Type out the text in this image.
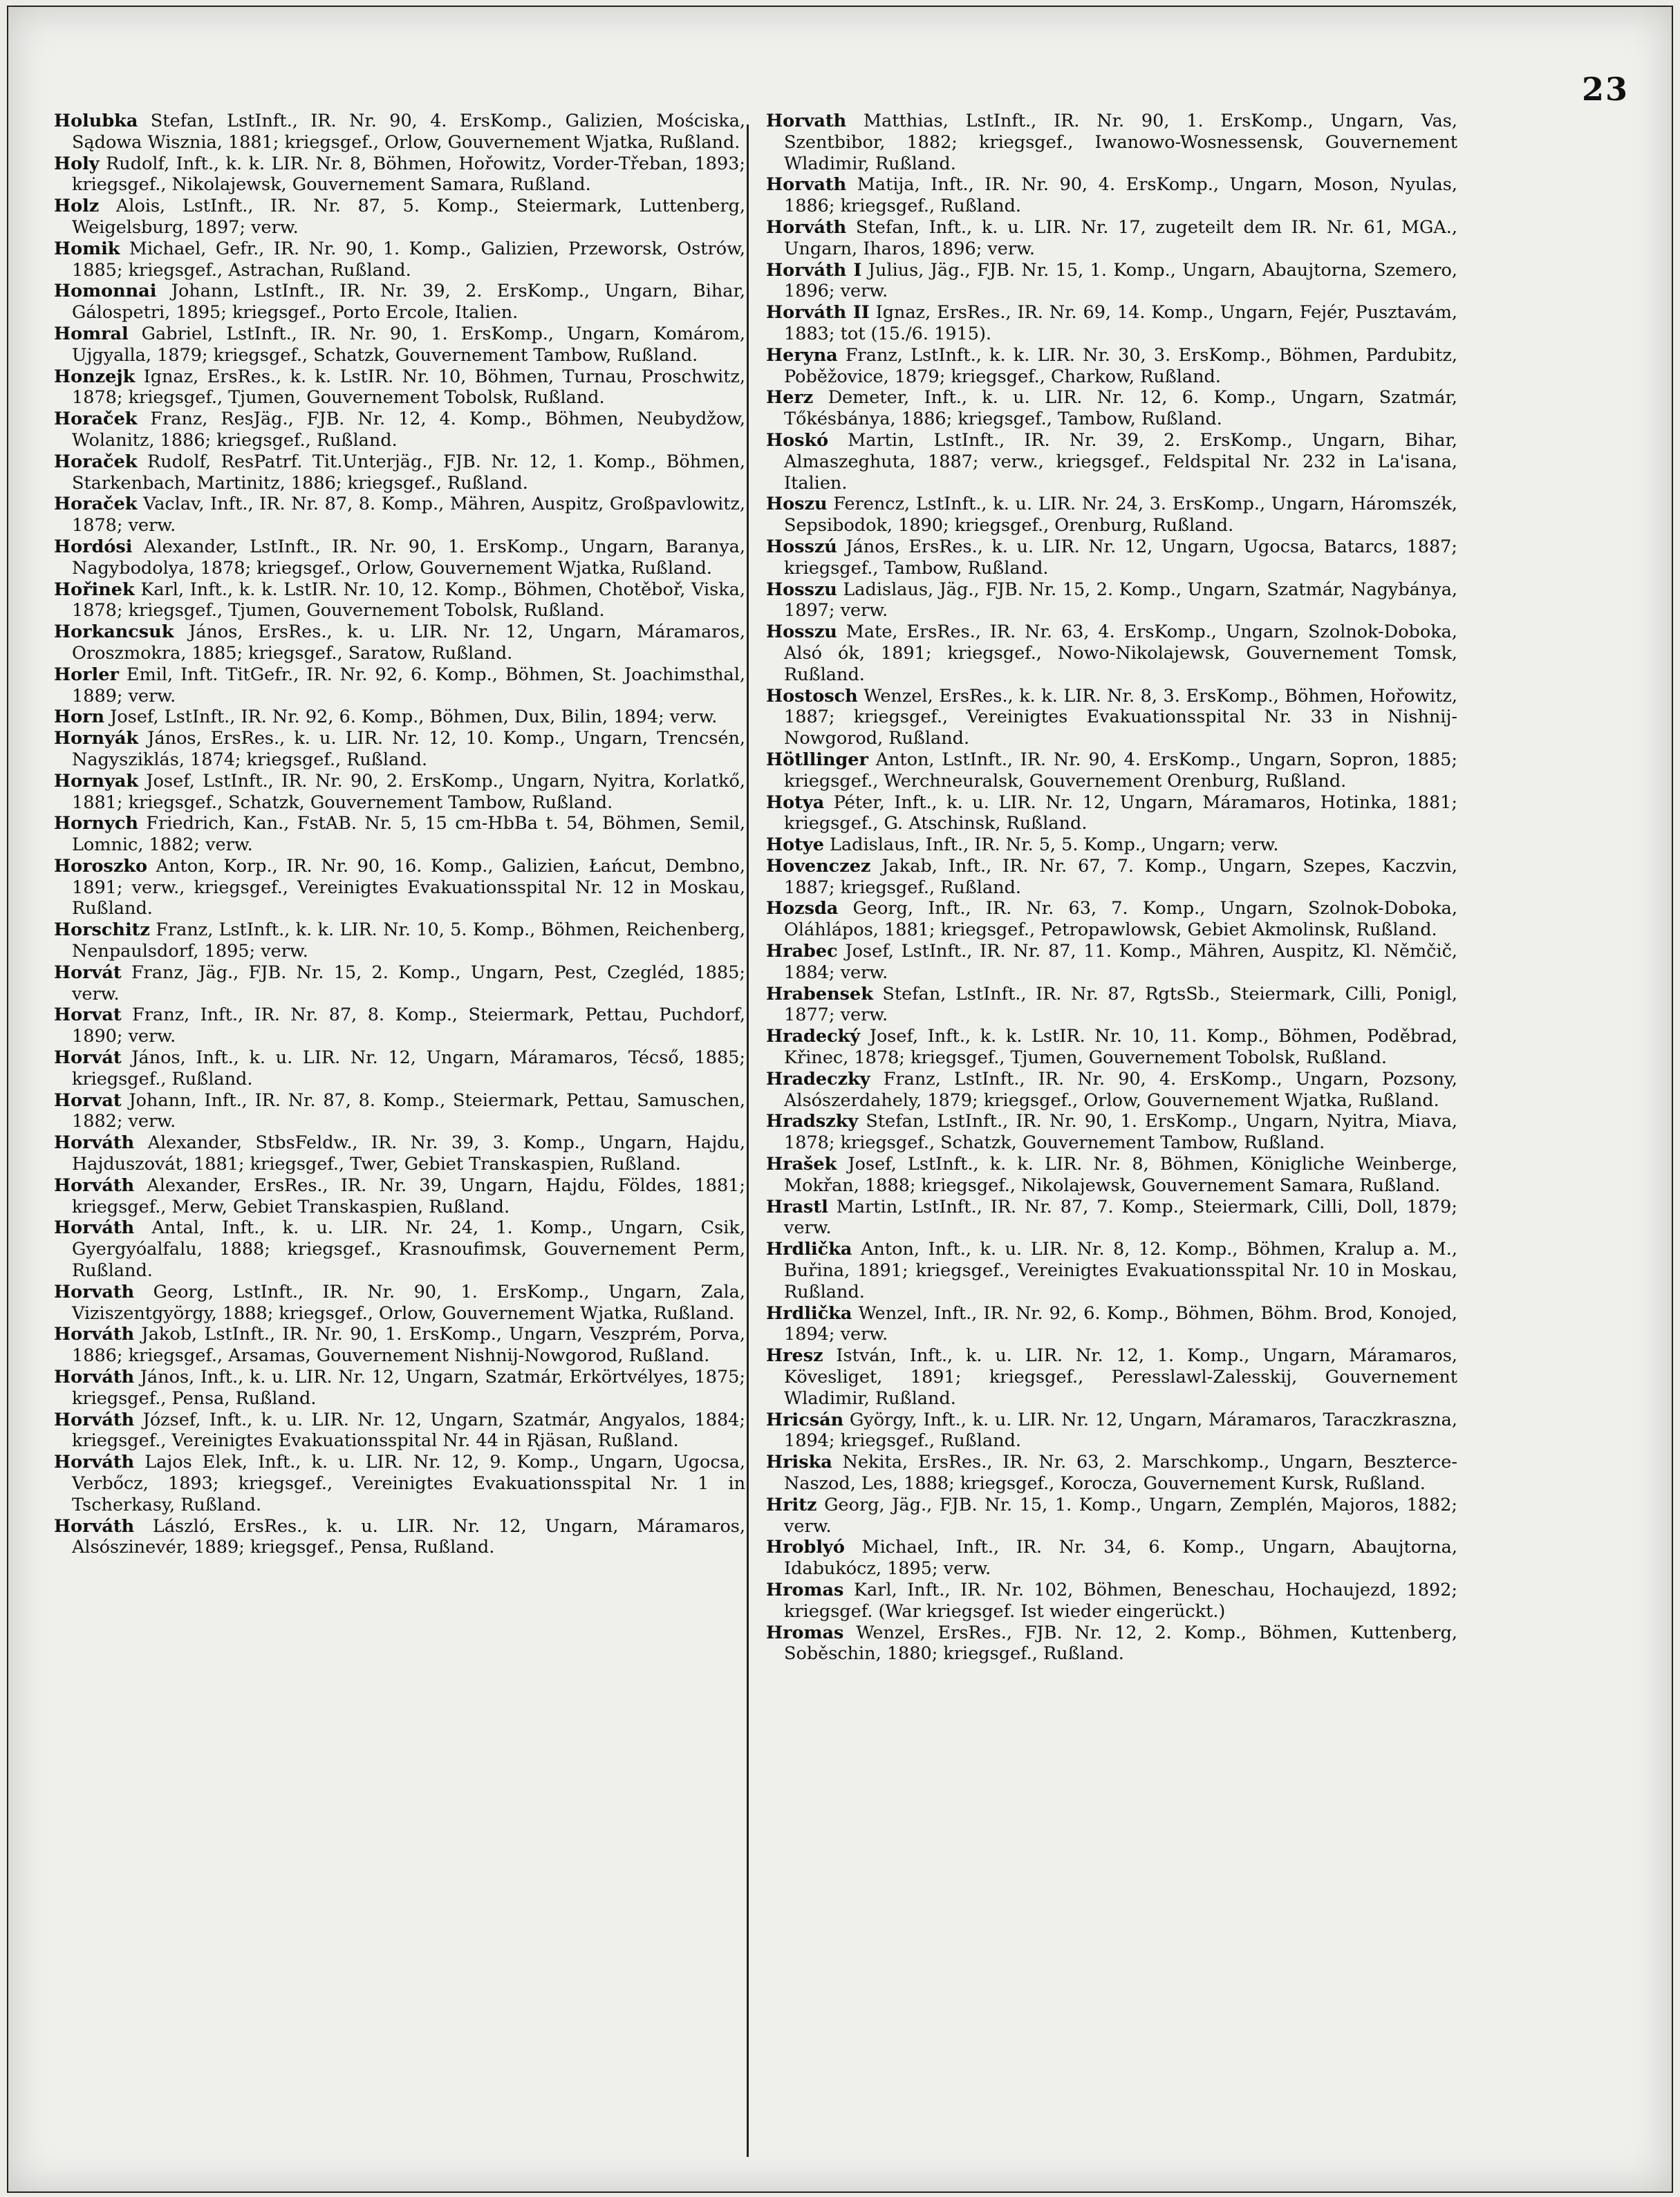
23
Holubka Stefan, LstInft., IR. Nr. 90, 4. ErsKomp., Galizien, Mościska, Sądowa Wisznia, 1881; kriegsgef., Orlow, Gouvernement Wjatka, Rußland.
Holy Rudolf, Inft., k. k. LIR. Nr. 8, Böhmen, Hořowitz, Vorder-Třeban, 1893; kriegsgef., Nikolajewsk, Gouvernement Samara, Rußland.
Holz Alois, LstInft., IR. Nr. 87, 5. Komp., Steiermark, Luttenberg, Weigelsburg, 1897; verw.
Homik Michael, Gefr., IR. Nr. 90, 1. Komp., Galizien, Przeworsk, Ostrów, 1885; kriegsgef., Astrachan, Rußland.
Homonnai Johann, LstInft., IR. Nr. 39, 2. ErsKomp., Ungarn, Bihar, Gálospetri, 1895; kriegsgef., Porto Ercole, Italien.
Homral Gabriel, LstInft., IR. Nr. 90, 1. ErsKomp., Ungarn, Komárom, Ujgyalla, 1879; kriegsgef., Schatzk, Gouvernement Tambow, Rußland.
Honzejk Ignaz, ErsRes., k. k. LstIR. Nr. 10, Böhmen, Turnau, Proschwitz, 1878; kriegsgef., Tjumen, Gouvernement Tobolsk, Rußland.
Horaček Franz, ResJäg., FJB. Nr. 12, 4. Komp., Böhmen, Neubydžow, Wolanitz, 1886; kriegsgef., Rußland.
Horaček Rudolf, ResPatrf. Tit.Unterjäg., FJB. Nr. 12, 1. Komp., Böhmen, Starkenbach, Martinitz, 1886; kriegsgef., Rußland.
Horaček Vaclav, Inft., IR. Nr. 87, 8. Komp., Mähren, Auspitz, Großpavlowitz, 1878; verw.
Hordósi Alexander, LstInft., IR. Nr. 90, 1. ErsKomp., Ungarn, Baranya, Nagybodolya, 1878; kriegsgef., Orlow, Gouvernement Wjatka, Rußland.
Hořinek Karl, Inft., k. k. LstIR. Nr. 10, 12. Komp., Böhmen, Chotěboř, Viska, 1878; kriegsgef., Tjumen, Gouvernement Tobolsk, Rußland.
Horkancsuk János, ErsRes., k. u. LIR. Nr. 12, Ungarn, Máramaros, Oroszmokra, 1885; kriegsgef., Saratow, Rußland.
Horler Emil, Inft. TitGefr., IR. Nr. 92, 6. Komp., Böhmen, St. Joachimsthal, 1889; verw.
Horn Josef, LstInft., IR. Nr. 92, 6. Komp., Böhmen, Dux, Bilin, 1894; verw.
Hornyák János, ErsRes., k. u. LIR. Nr. 12, 10. Komp., Ungarn, Trencsén, Nagysziklás, 1874; kriegsgef., Rußland.
Hornyak Josef, LstInft., IR. Nr. 90, 2. ErsKomp., Ungarn, Nyitra, Korlatkő, 1881; kriegsgef., Schatzk, Gouvernement Tambow, Rußland.
Hornych Friedrich, Kan., FstAB. Nr. 5, 15 cm-HbBa t. 54, Böhmen, Semil, Lomnic, 1882; verw.
Horoszko Anton, Korp., IR. Nr. 90, 16. Komp., Galizien, Łańcut, Dembno, 1891; verw., kriegsgef., Vereinigtes Evakuationsspital Nr. 12 in Moskau, Rußland.
Horschitz Franz, LstInft., k. k. LIR. Nr. 10, 5. Komp., Böhmen, Reichenberg, Nenpaulsdorf, 1895; verw.
Horvát Franz, Jäg., FJB. Nr. 15, 2. Komp., Ungarn, Pest, Czegléd, 1885; verw.
Horvat Franz, Inft., IR. Nr. 87, 8. Komp., Steiermark, Pettau, Puchdorf, 1890; verw.
Horvát János, Inft., k. u. LIR. Nr. 12, Ungarn, Máramaros, Técső, 1885; kriegsgef., Rußland.
Horvat Johann, Inft., IR. Nr. 87, 8. Komp., Steiermark, Pettau, Samuschen, 1882; verw.
Horváth Alexander, StbsFeldw., IR. Nr. 39, 3. Komp., Ungarn, Hajdu, Hajduszovát, 1881; kriegsgef., Twer, Gebiet Transkaspien, Rußland.
Horváth Alexander, ErsRes., IR. Nr. 39, Ungarn, Hajdu, Földes, 1881; kriegsgef., Merw, Gebiet Transkaspien, Rußland.
Horváth Antal, Inft., k. u. LIR. Nr. 24, 1. Komp., Ungarn, Csik, Gyergyóalfalu, 1888; kriegsgef., Krasnoufimsk, Gouvernement Perm, Rußland.
Horvath Georg, LstInft., IR. Nr. 90, 1. ErsKomp., Ungarn, Zala, Viziszentgyörgy, 1888; kriegsgef., Orlow, Gouvernement Wjatka, Rußland.
Horváth Jakob, LstInft., IR. Nr. 90, 1. ErsKomp., Ungarn, Veszprém, Porva, 1886; kriegsgef., Arsamas, Gouvernement Nishnij-Nowgorod, Rußland.
Horváth János, Inft., k. u. LIR. Nr. 12, Ungarn, Szatmár, Erkörtvélyes, 1875; kriegsgef., Pensa, Rußland.
Horváth József, Inft., k. u. LIR. Nr. 12, Ungarn, Szatmár, Angyalos, 1884; kriegsgef., Vereinigtes Evakuationsspital Nr. 44 in Rjäsan, Rußland.
Horváth Lajos Elek, Inft., k. u. LIR. Nr. 12, 9. Komp., Ungarn, Ugocsa, Verbőcz, 1893; kriegsgef., Vereinigtes Evakuationsspital Nr. 1 in Tscherkasy, Rußland.
Horváth László, ErsRes., k. u. LIR. Nr. 12, Ungarn, Máramaros, Alsószinevér, 1889; kriegsgef., Pensa, Rußland.
Horvath Matthias, LstInft., IR. Nr. 90, 1. ErsKomp., Ungarn, Vas, Szentbibor, 1882; kriegsgef., Iwanowo-Wosnessensk, Gouvernement Wladimir, Rußland.
Horvath Matija, Inft., IR. Nr. 90, 4. ErsKomp., Ungarn, Moson, Nyulas, 1886; kriegsgef., Rußland.
Horváth Stefan, Inft., k. u. LIR. Nr. 17, zugeteilt dem IR. Nr. 61, MGA., Ungarn, Iharos, 1896; verw.
Horváth I Julius, Jäg., FJB. Nr. 15, 1. Komp., Ungarn, Abaujtorna, Szemero, 1896; verw.
Horváth II Ignaz, ErsRes., IR. Nr. 69, 14. Komp., Ungarn, Fejér, Pusztavám, 1883; tot (15./6. 1915).
Heryna Franz, LstInft., k. k. LIR. Nr. 30, 3. ErsKomp., Böhmen, Pardubitz, Poběžovice, 1879; kriegsgef., Charkow, Rußland.
Herz Demeter, Inft., k. u. LIR. Nr. 12, 6. Komp., Ungarn, Szatmár, Tőkésbánya, 1886; kriegsgef., Tambow, Rußland.
Hoskó Martin, LstInft., IR. Nr. 39, 2. ErsKomp., Ungarn, Bihar, Almaszeghuta, 1887; verw., kriegsgef., Feldspital Nr. 232 in La'isana, Italien.
Hoszu Ferencz, LstInft., k. u. LIR. Nr. 24, 3. ErsKomp., Ungarn, Háromszék, Sepsibodok, 1890; kriegsgef., Orenburg, Rußland.
Hosszú János, ErsRes., k. u. LIR. Nr. 12, Ungarn, Ugocsa, Batarcs, 1887; kriegsgef., Tambow, Rußland.
Hosszu Ladislaus, Jäg., FJB. Nr. 15, 2. Komp., Ungarn, Szatmár, Nagybánya, 1897; verw.
Hosszu Mate, ErsRes., IR. Nr. 63, 4. ErsKomp., Ungarn, Szolnok-Doboka, Alsó ók, 1891; kriegsgef., Nowo-Nikolajewsk, Gouvernement Tomsk, Rußland.
Hostosch Wenzel, ErsRes., k. k. LIR. Nr. 8, 3. ErsKomp., Böhmen, Hořowitz, 1887; kriegsgef., Vereinigtes Evakuationsspital Nr. 33 in Nishnij-Nowgorod, Rußland.
Hötllinger Anton, LstInft., IR. Nr. 90, 4. ErsKomp., Ungarn, Sopron, 1885; kriegsgef., Werchneuralsk, Gouvernement Orenburg, Rußland.
Hotya Péter, Inft., k. u. LIR. Nr. 12, Ungarn, Máramaros, Hotinka, 1881; kriegsgef., G. Atschinsk, Rußland.
Hotye Ladislaus, Inft., IR. Nr. 5, 5. Komp., Ungarn; verw.
Hovenczez Jakab, Inft., IR. Nr. 67, 7. Komp., Ungarn, Szepes, Kaczvin, 1887; kriegsgef., Rußland.
Hozsda Georg, Inft., IR. Nr. 63, 7. Komp., Ungarn, Szolnok-Doboka, Oláhlápos, 1881; kriegsgef., Petropawlowsk, Gebiet Akmolinsk, Rußland.
Hrabec Josef, LstInft., IR. Nr. 87, 11. Komp., Mähren, Auspitz, Kl. Němčič, 1884; verw.
Hrabensek Stefan, LstInft., IR. Nr. 87, RgtsSb., Steiermark, Cilli, Ponigl, 1877; verw.
Hradecký Josef, Inft., k. k. LstIR. Nr. 10, 11. Komp., Böhmen, Poděbrad, Křinec, 1878; kriegsgef., Tjumen, Gouvernement Tobolsk, Rußland.
Hradeczky Franz, LstInft., IR. Nr. 90, 4. ErsKomp., Ungarn, Pozsony, Alsószerdahely, 1879; kriegsgef., Orlow, Gouvernement Wjatka, Rußland.
Hradszky Stefan, LstInft., IR. Nr. 90, 1. ErsKomp., Ungarn, Nyitra, Miava, 1878; kriegsgef., Schatzk, Gouvernement Tambow, Rußland.
Hrašek Josef, LstInft., k. k. LIR. Nr. 8, Böhmen, Königliche Weinberge, Mokřan, 1888; kriegsgef., Nikolajewsk, Gouvernement Samara, Rußland.
Hrastl Martin, LstInft., IR. Nr. 87, 7. Komp., Steiermark, Cilli, Doll, 1879; verw.
Hrdlička Anton, Inft., k. u. LIR. Nr. 8, 12. Komp., Böhmen, Kralup a. M., Buřina, 1891; kriegsgef., Vereinigtes Evakuationsspital Nr. 10 in Moskau, Rußland.
Hrdlička Wenzel, Inft., IR. Nr. 92, 6. Komp., Böhmen, Böhm. Brod, Konojed, 1894; verw.
Hresz István, Inft., k. u. LIR. Nr. 12, 1. Komp., Ungarn, Máramaros, Kövesliget, 1891; kriegsgef., Peresslawl-Zalesskij, Gouvernement Wladimir, Rußland.
Hricsán György, Inft., k. u. LIR. Nr. 12, Ungarn, Máramaros, Taraczkraszna, 1894; kriegsgef., Rußland.
Hriska Nekita, ErsRes., IR. Nr. 63, 2. Marschkomp., Ungarn, Beszterce-Naszod, Les, 1888; kriegsgef., Korocza, Gouvernement Kursk, Rußland.
Hritz Georg, Jäg., FJB. Nr. 15, 1. Komp., Ungarn, Zemplén, Majoros, 1882; verw.
Hroblyó Michael, Inft., IR. Nr. 34, 6. Komp., Ungarn, Abaujtorna, Idabukócz, 1895; verw.
Hromas Karl, Inft., IR. Nr. 102, Böhmen, Beneschau, Hochaujezd, 1892; kriegsgef. (War kriegsgef. Ist wieder eingerückt.)
Hromas Wenzel, ErsRes., FJB. Nr. 12, 2. Komp., Böhmen, Kuttenberg, Soběschin, 1880; kriegsgef., Rußland.
